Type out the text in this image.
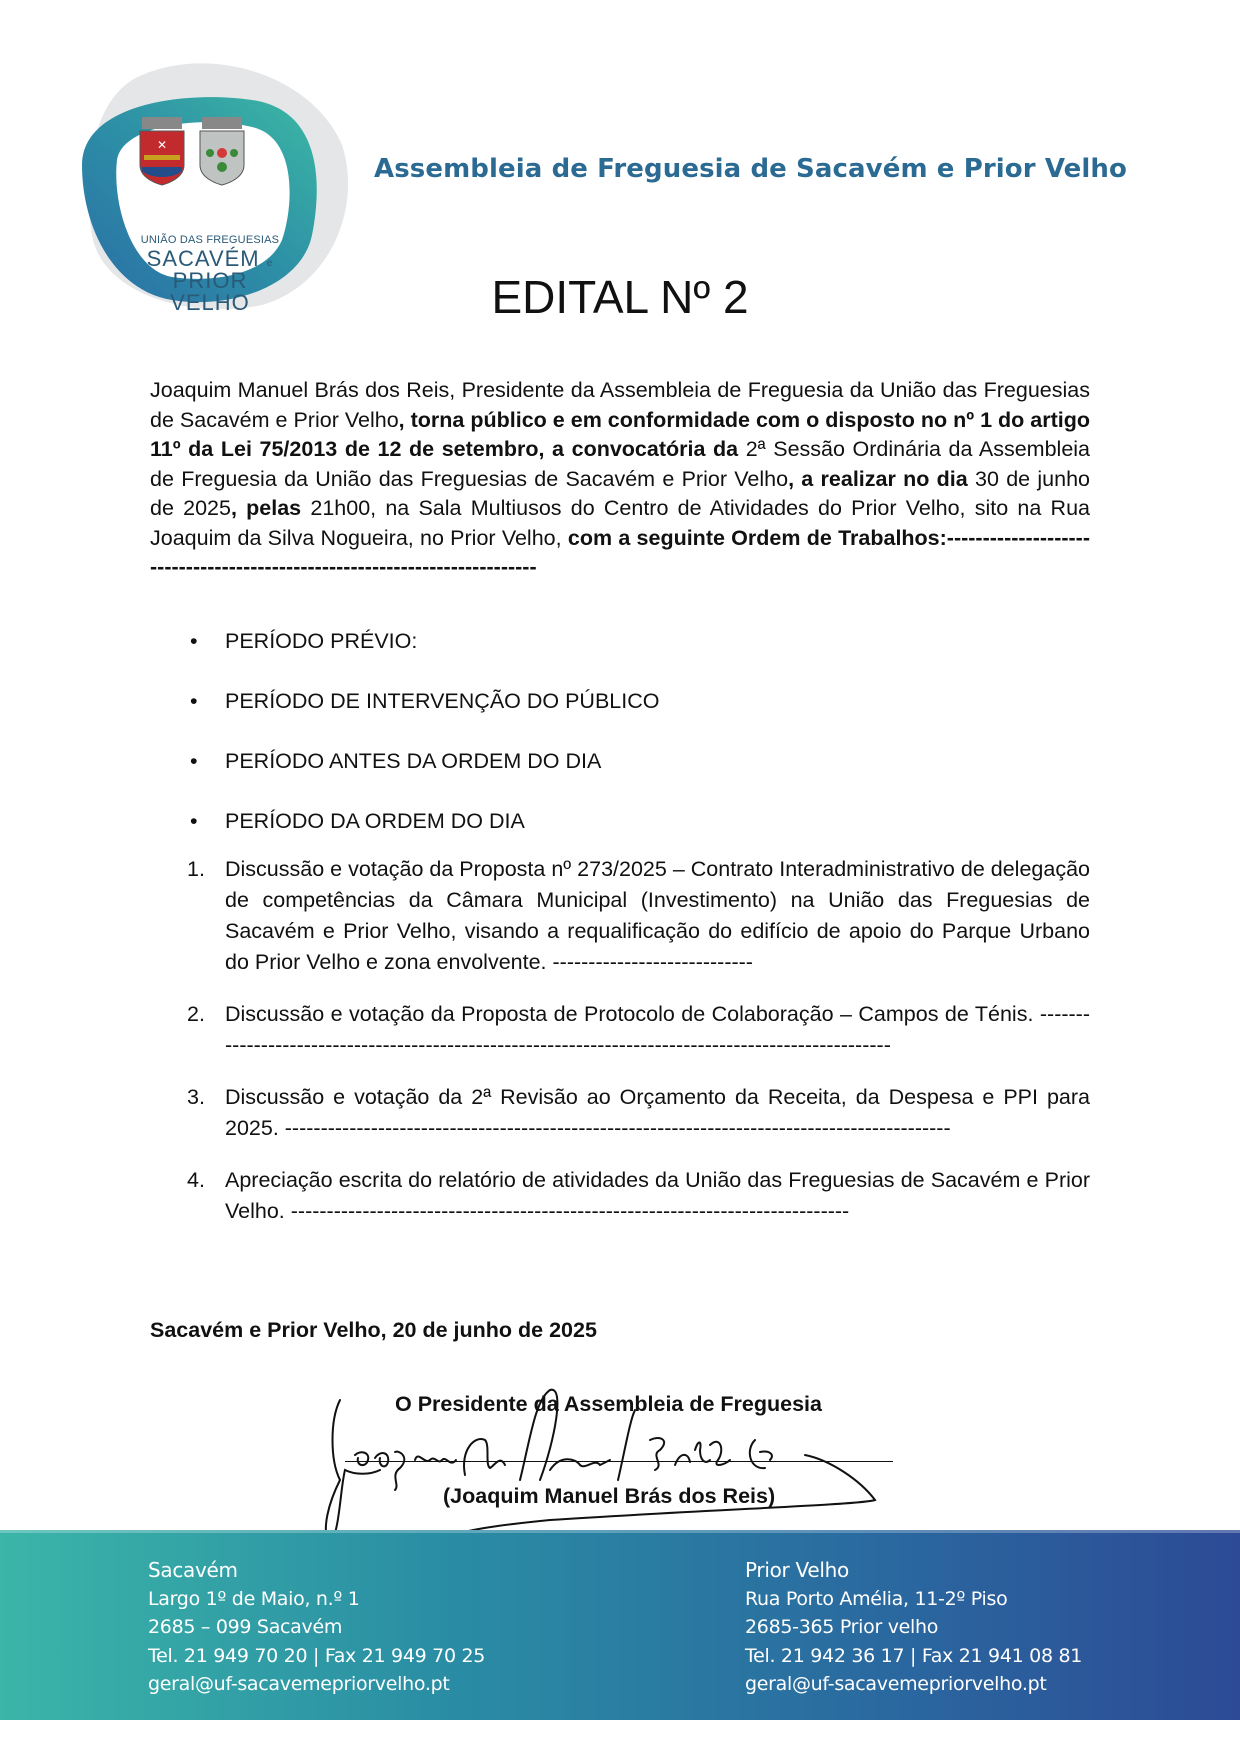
✕
UNIÃO DAS FREGUESIAS
SACAVÉM e
PRIOR VELHO
Assembleia de Freguesia de Sacavém e Prior Velho
EDITAL Nº 2
Joaquim Manuel Brás dos Reis, Presidente da Assembleia de Freguesia da União das Freguesias de Sacavém e Prior Velho, torna público e em conformidade com o disposto no nº 1 do artigo 11º da Lei 75/2013 de 12 de setembro, a convocatória da 2ª Sessão Ordinária da Assembleia de Freguesia da União das Freguesias de Sacavém e Prior Velho, a realizar no dia 30 de junho de 2025, pelas 21h00, na Sala Multiusos do Centro de Atividades do Prior Velho, sito na Rua Joaquim da Silva Nogueira, no Prior Velho, com a seguinte Ordem de Trabalhos:--------------------------------------------------------------------------
•	PERÍODO PRÉVIO:
•	PERÍODO DE INTERVENÇÃO DO PÚBLICO
•	PERÍODO ANTES DA ORDEM DO DIA
•	PERÍODO DA ORDEM DO DIA
1. Discussão e votação da Proposta nº 273/2025 – Contrato Interadministrativo de delegação de competências da Câmara Municipal (Investimento) na União das Freguesias de Sacavém e Prior Velho, visando a requalificação do edifício de apoio do Parque Urbano do Prior Velho e zona envolvente. ----------------------------
2. Discussão e votação da Proposta de Protocolo de Colaboração – Campos de Ténis. ----------------------------------------------------------------------------------------------------
3. Discussão e votação da 2ª Revisão ao Orçamento da Receita, da Despesa e PPI para 2025. ---------------------------------------------------------------------------------------------
4. Apreciação escrita do relatório de atividades da União das Freguesias de Sacavém e Prior Velho. ------------------------------------------------------------------------------
Sacavém e Prior Velho, 20 de junho de 2025
O Presidente da Assembleia de Freguesia
(Joaquim Manuel Brás dos Reis)
Sacavém
Largo 1º de Maio, n.º 1
2685 – 099 Sacavém
Tel. 21 949 70 20 | Fax 21 949 70 25
geral@uf-sacavemepriorvelho.pt
Prior Velho
Rua Porto Amélia, 11-2º Piso
2685-365 Prior velho
Tel. 21 942 36 17 | Fax 21 941 08 81
geral@uf-sacavemepriorvelho.pt
